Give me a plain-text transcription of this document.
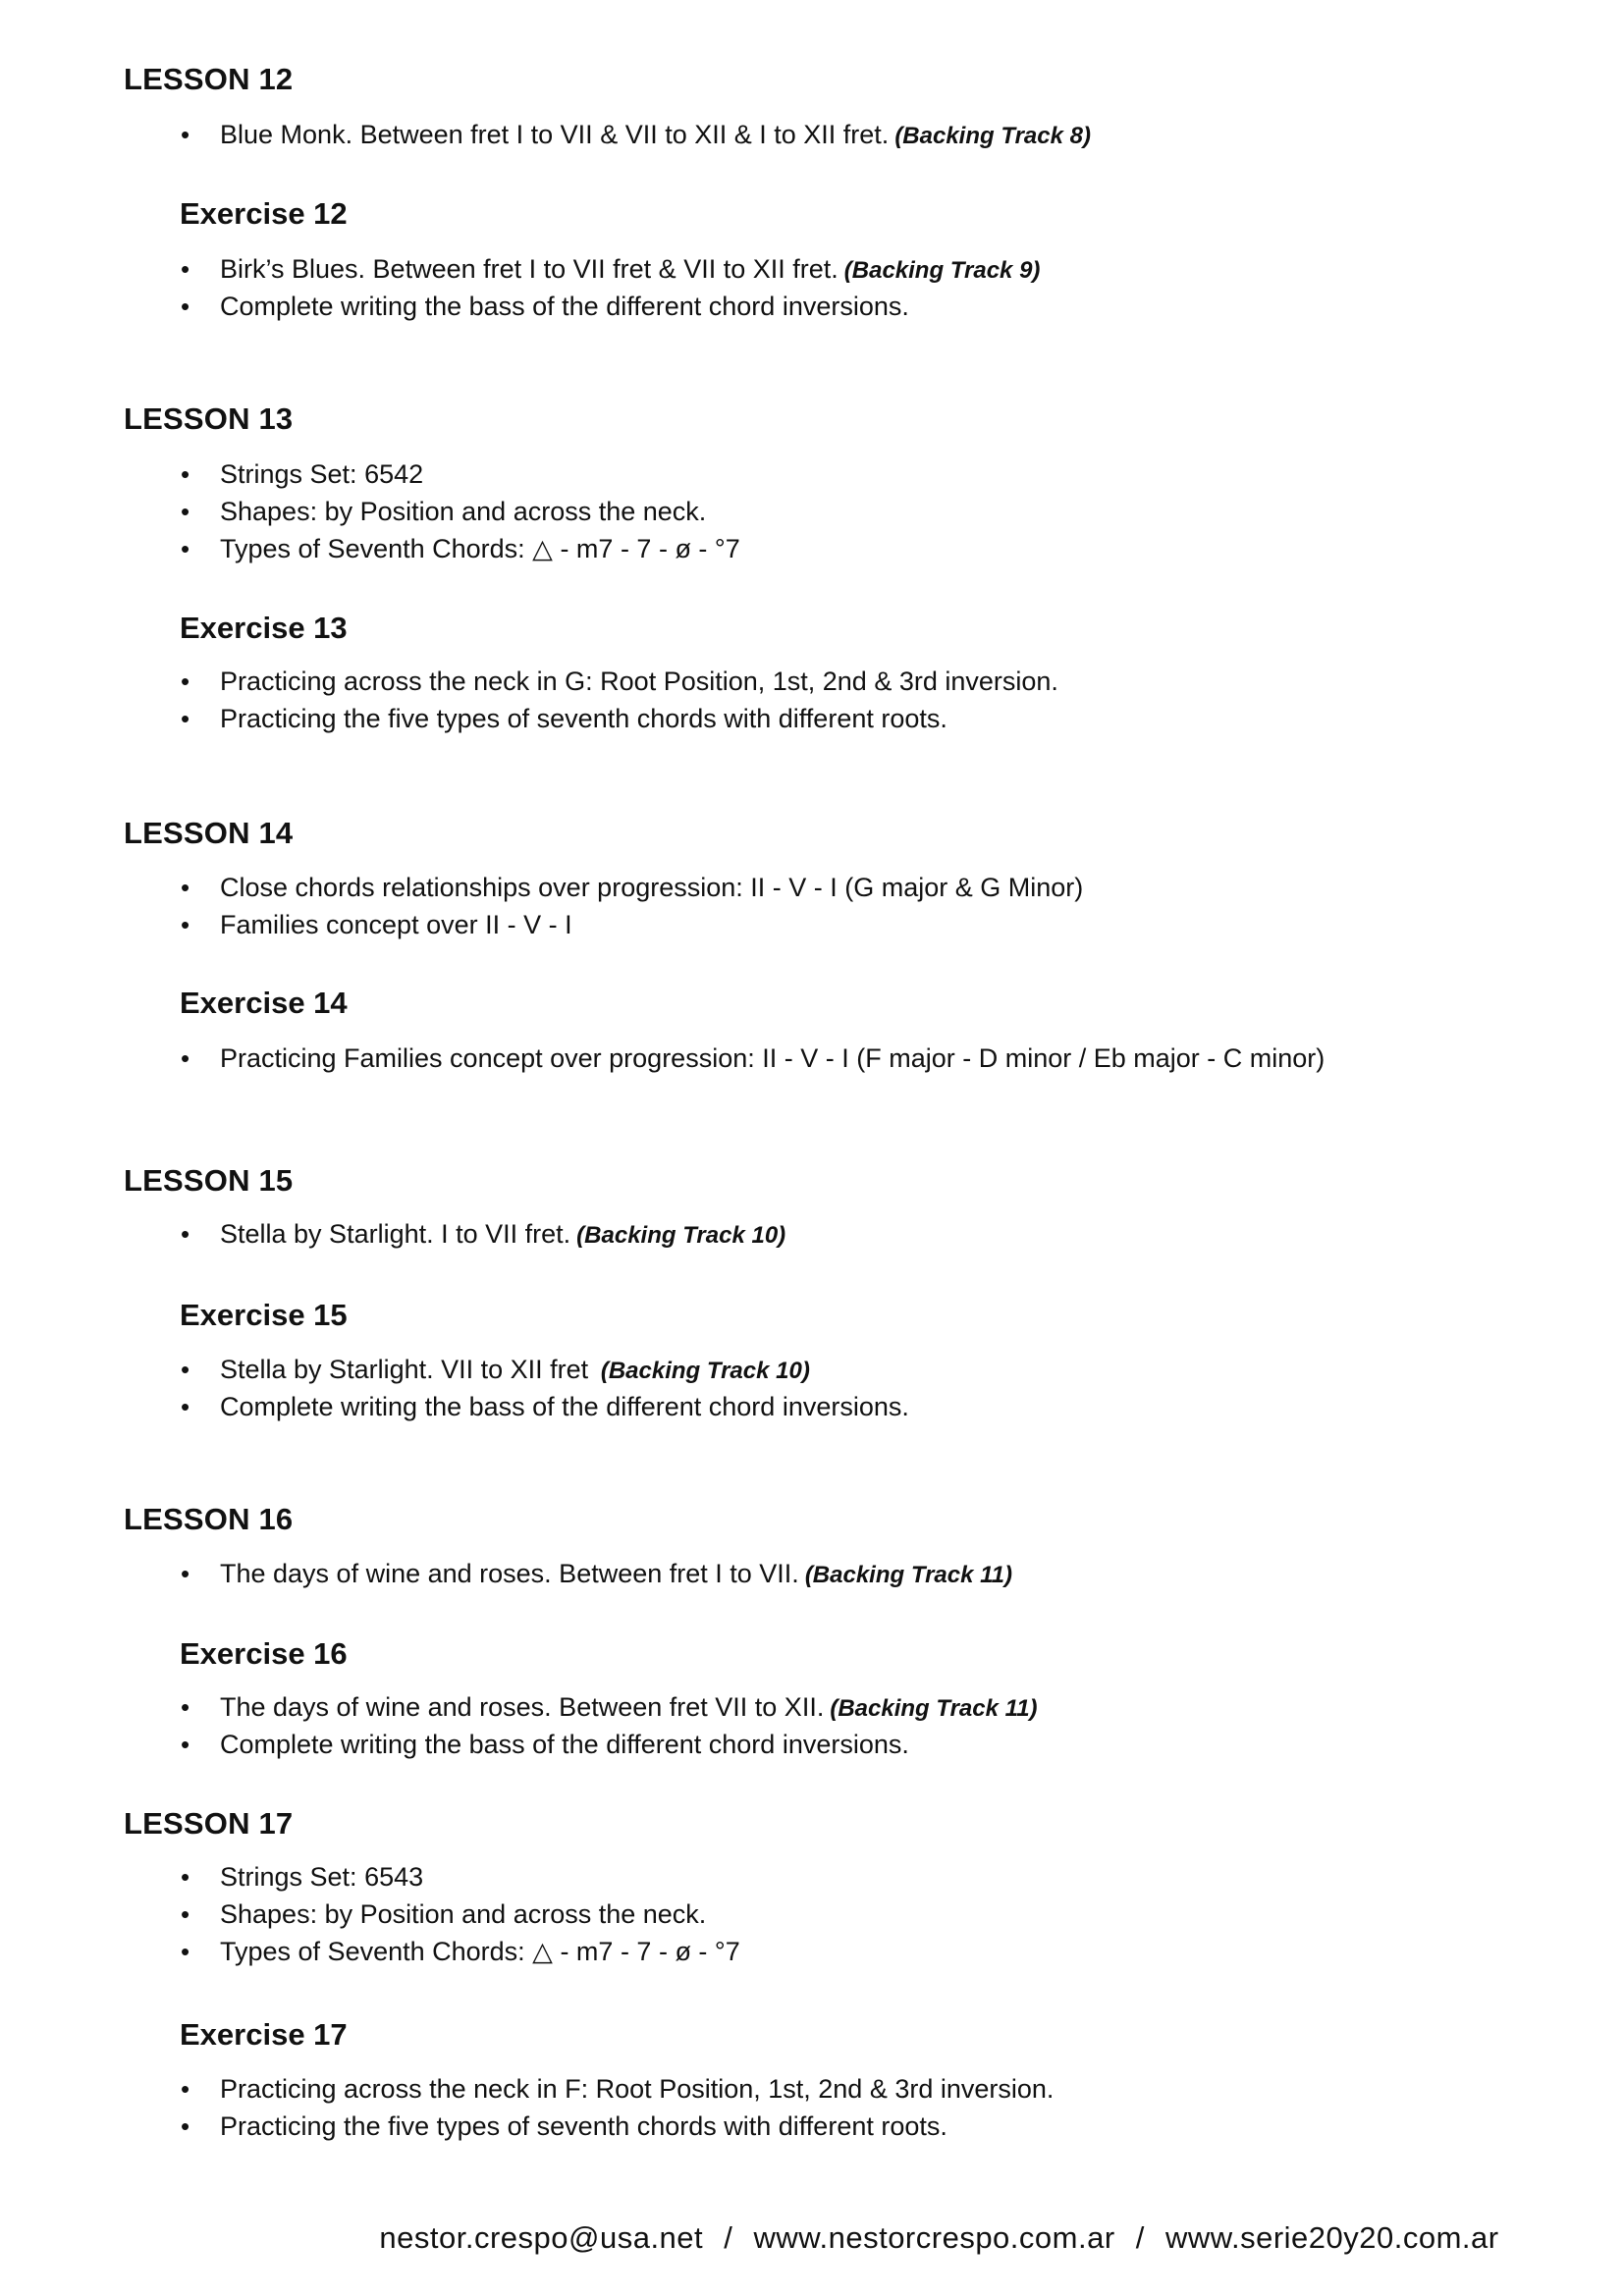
LESSON 12
• Blue Monk. Between fret I to VII & VII to XII & I to XII fret. (Backing Track 8)
Exercise 12
• Birk’s Blues. Between fret I to VII fret & VII to XII fret. (Backing Track 9)
• Complete writing the bass of the different chord inversions.
LESSON 13
• Strings Set: 6542
• Shapes: by Position and across the neck.
• Types of Seventh Chords: △ - m7 - 7 - ø - °7
Exercise 13
• Practicing across the neck in G: Root Position, 1st, 2nd & 3rd inversion.
• Practicing the five types of seventh chords with different roots.
LESSON 14
• Close chords relationships over progression: II - V - I (G major & G Minor)
• Families concept over II - V - I
Exercise 14
• Practicing Families concept over progression: II - V - I (F major - D minor / Eb major - C minor)
LESSON 15
• Stella by Starlight. I to VII fret. (Backing Track 10)
Exercise 15
• Stella by Starlight. VII to XII fret (Backing Track 10)
• Complete writing the bass of the different chord inversions.
LESSON 16
• The days of wine and roses. Between fret I to VII. (Backing Track 11)
Exercise 16
• The days of wine and roses. Between fret VII to XII. (Backing Track 11)
• Complete writing the bass of the different chord inversions.
LESSON 17
• Strings Set: 6543
• Shapes: by Position and across the neck.
• Types of Seventh Chords: △ - m7 - 7 - ø - °7
Exercise 17
• Practicing across the neck in F: Root Position, 1st, 2nd & 3rd inversion.
• Practicing the five types of seventh chords with different roots.
nestor.crespo@usa.net / www.nestorcrespo.com.ar / www.serie20y20.com.ar
